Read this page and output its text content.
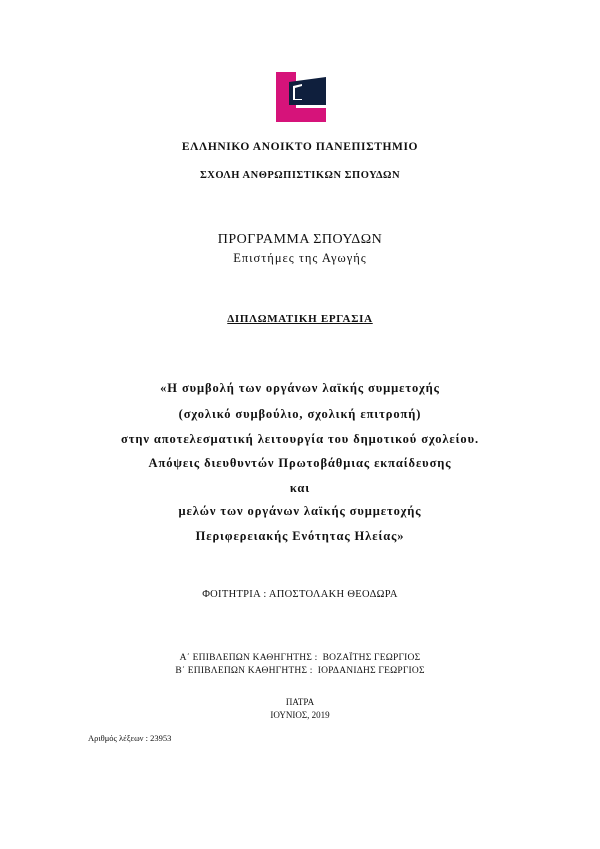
ΕΛΛΗΝΙΚΟ ΑΝΟΙΚΤΟ ΠΑΝΕΠΙΣΤΗΜΙΟ
ΣΧΟΛΗ ΑΝΘΡΩΠΙΣΤΙΚΩΝ ΣΠΟΥΔΩΝ
ΠΡΟΓΡΑΜΜΑ ΣΠΟΥΔΩΝ
Επιστήμες της Αγωγής
ΔΙΠΛΩΜΑΤΙΚΗ ΕΡΓΑΣΙΑ
«Η συμβολή των οργάνων λαϊκής συμμετοχής
(σχολικό συμβούλιο, σχολική επιτροπή)
στην αποτελεσματική λειτουργία του δημοτικού σχολείου.
Απόψεις διευθυντών Πρωτοβάθμιας εκπαίδευσης
και
μελών των οργάνων λαϊκής συμμετοχής
Περιφερειακής Ενότητας Ηλείας»
ΦΟΙΤΗΤΡΙΑ : ΑΠΟΣΤΟΛΑΚΗ ΘΕΟΔΩΡΑ
Α΄ ΕΠΙΒΛΕΠΩΝ ΚΑΘΗΓΗΤΗΣ :  ΒΟΖΑΪΤΗΣ ΓΕΩΡΓΙΟΣ
Β΄ ΕΠΙΒΛΕΠΩΝ ΚΑΘΗΓΗΤΗΣ :  ΙΟΡΔΑΝΙΔΗΣ ΓΕΩΡΓΙΟΣ
ΠΑΤΡΑ
ΙΟΥΝΙΟΣ, 2019
Αριθμός λέξεων : 23953
